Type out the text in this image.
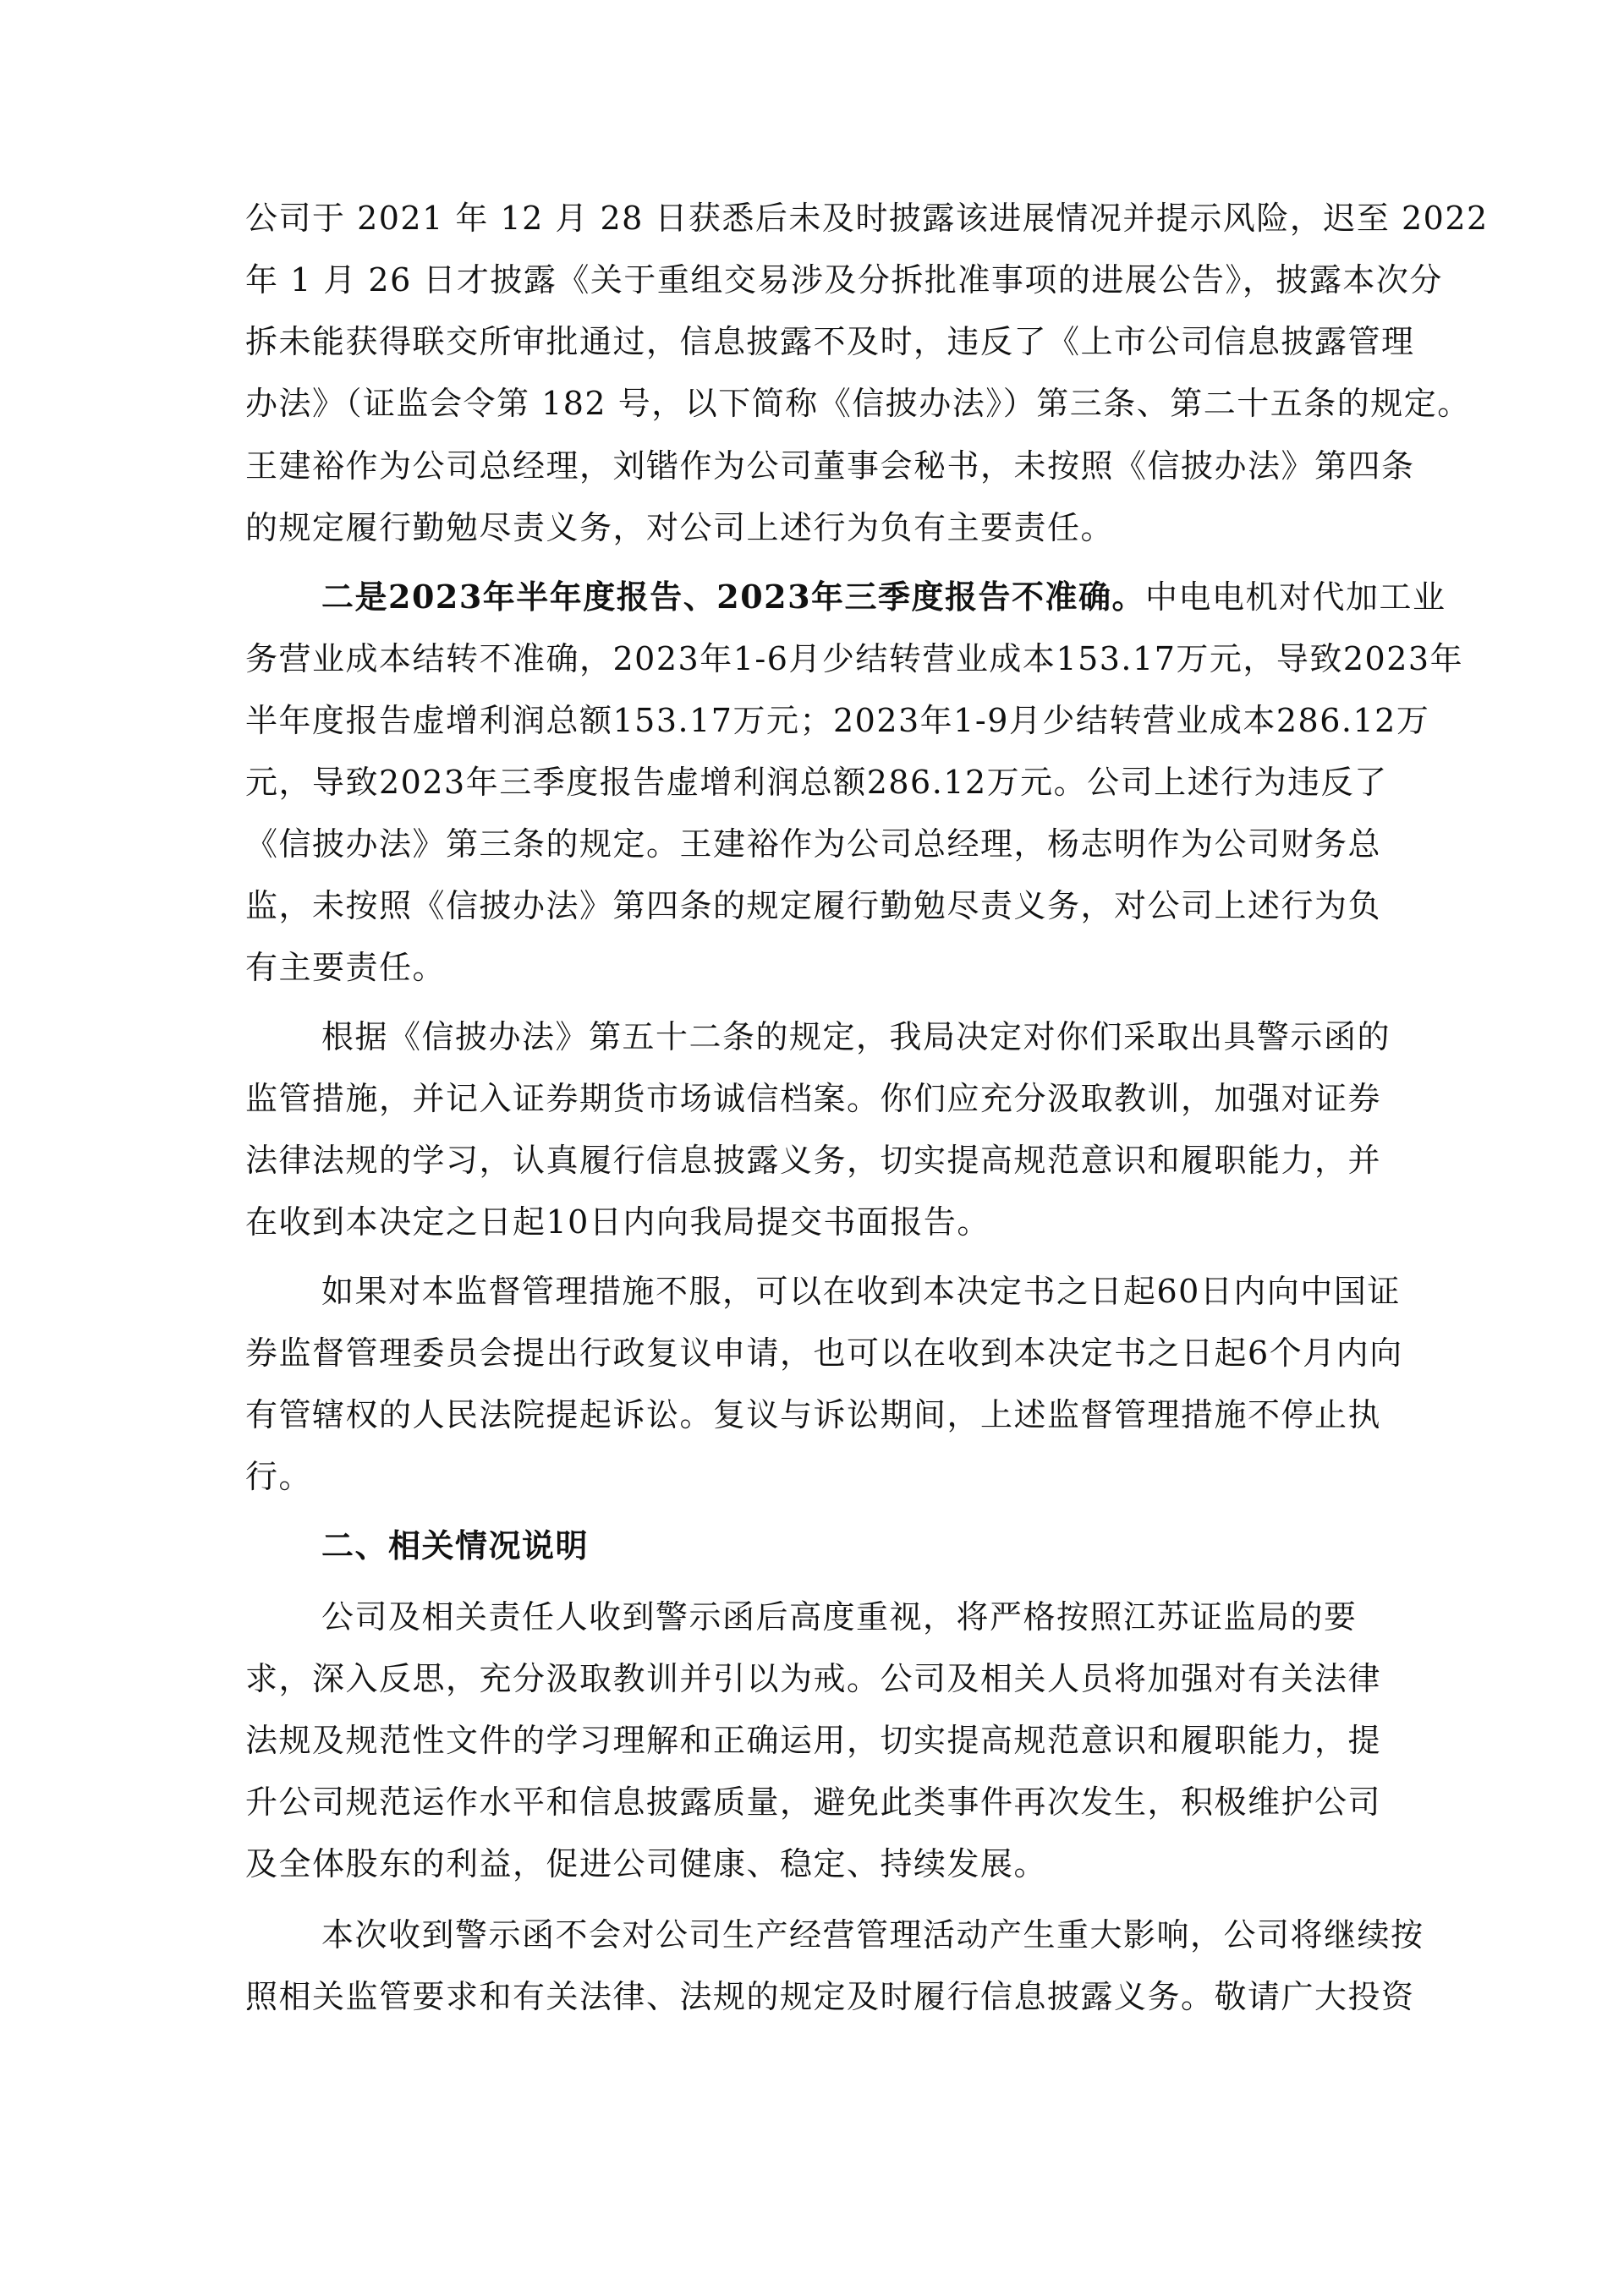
公司于 2021 年 12 月 28 日获悉后未及时披露该进展情况并提示风险，迟至 2022
年 1 月 26 日才披露《关于重组交易涉及分拆批准事项的进展公告》，披露本次分
拆未能获得联交所审批通过，信息披露不及时，违反了《上市公司信息披露管理
办法》（证监会令第 182 号，以下简称《信披办法》）第三条、第二十五条的规定。
王建裕作为公司总经理，刘锴作为公司董事会秘书，未按照《信披办法》第四条
的规定履行勤勉尽责义务，对公司上述行为负有主要责任。
二是2023年半年度报告、2023年三季度报告不准确。中电电机对代加工业
务营业成本结转不准确，2023年1-6月少结转营业成本153.17万元，导致2023年
半年度报告虚增利润总额153.17万元；2023年1-9月少结转营业成本286.12万
元，导致2023年三季度报告虚增利润总额286.12万元。公司上述行为违反了
《信披办法》第三条的规定。王建裕作为公司总经理，杨志明作为公司财务总
监，未按照《信披办法》第四条的规定履行勤勉尽责义务，对公司上述行为负
有主要责任。
根据《信披办法》第五十二条的规定，我局决定对你们采取出具警示函的
监管措施，并记入证券期货市场诚信档案。你们应充分汲取教训，加强对证券
法律法规的学习，认真履行信息披露义务，切实提高规范意识和履职能力，并
在收到本决定之日起10日内向我局提交书面报告。
如果对本监督管理措施不服，可以在收到本决定书之日起60日内向中国证
券监督管理委员会提出行政复议申请，也可以在收到本决定书之日起6个月内向
有管辖权的人民法院提起诉讼。复议与诉讼期间，上述监督管理措施不停止执
行。
二、相关情况说明
公司及相关责任人收到警示函后高度重视，将严格按照江苏证监局的要
求，深入反思，充分汲取教训并引以为戒。公司及相关人员将加强对有关法律
法规及规范性文件的学习理解和正确运用，切实提高规范意识和履职能力，提
升公司规范运作水平和信息披露质量，避免此类事件再次发生，积极维护公司
及全体股东的利益，促进公司健康、稳定、持续发展。
本次收到警示函不会对公司生产经营管理活动产生重大影响，公司将继续按
照相关监管要求和有关法律、法规的规定及时履行信息披露义务。敬请广大投资
